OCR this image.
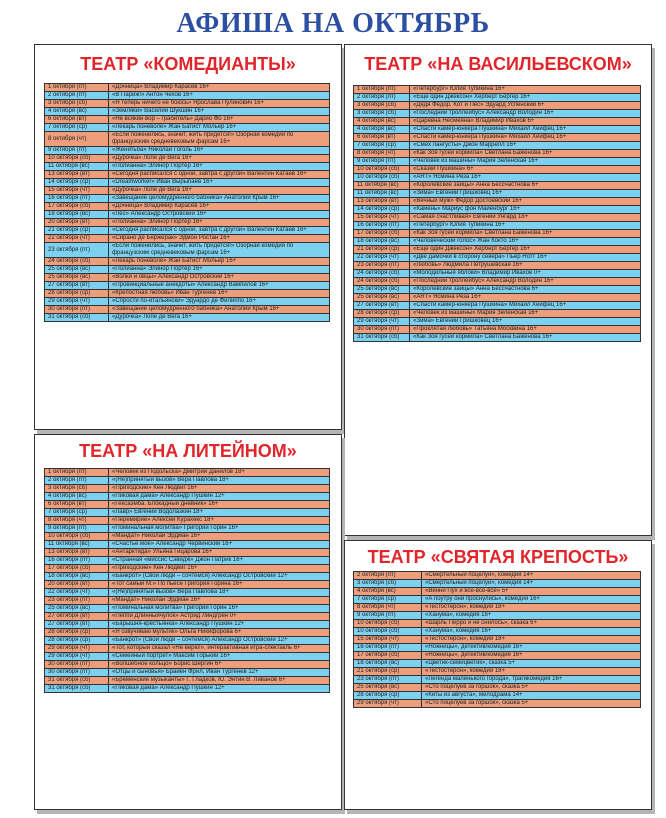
АФИША НА ОКТЯБРЬ
ТЕАТР «КОМЕДИАНТЫ»
1 октября (пт)	«Дочница» Владимир Карасёв 16+
2 октября (пт)	«В Париж!» Антон Чехов 16+
3 октября (сб)	«Я теперь ничего не боюсь» Ярослава Пулинович 16+
4 октября (вс)	«Земляки» Василий Шукшин 16+
6 октября (вт)	«Не всякий вор – грабитель» Дарио Фо 16+
7 октября (ср)	«Лекарь поневоле» Жан Батист Мольер 16+
8 октября (чт)	«Если поженились, значит, жить придется!» Озорная комедия по французским средневековым фарсам 16+
9 октября (пт)	«Женитьба» Николай Гоголь 16+
10 октября (сб)	«Дурочка» Лопе де Вега 16+
11 октября (вс)	«Полианна» Элинор Портер 16+
13 октября (вт)	«Сегодня расписался с одной, завтра с другой» Валентин Катаев 16+
14 октября (ср)	«Dreamworker» Иван Вырыпаев 16+
15 октября (чт)	«Дурочка» Лопе де Вега 16+
16 октября (пт)	«Завещание целомудренного бабника» Анатолий Крым 16+
17 октября (сб)	«Дочница» Владимир Карасёв 16+
18 октября (вс)	«Лес» Александр Островский 16+
20 октября (вт)	«Полианна» Элинор Портер 16+
21 октября (ср)	«Сегодня расписался с одной, завтра с другой» Валентин Катаев 16+
22 октября (чт)	«Сирано де Бержерак» Эдмон Ростан 16+
23 октября (пт)	«Если поженились, значит, жить придется!» Озорная комедия по французским средневековым фарсам 16+
24 октября (сб)	«Лекарь поневоле» Жан Батист Мольер 16+
25 октября (вс)	«Полианна» Элинор Портер 16+
25 октября (вс)	«Волки и овцы» Александр Островский 16+
27 октября (вт)	«Провинциальные анекдоты» Александр Вампилов 16+
28 октября (ср)	«Крепостная любовь» Иван Тургенев 16+
29 октября (чт)	«Спрости по-итальянски» Эдуардо де Филиппо 16+
30 октября (пт)	«Завещание целомудренного бабника» Анатолий Крым 16+
31 октября (сб)	«Дурочка» Лопе де Вега 16+
ТЕАТР «НА ВАСИЛЬЕВСКОМ»
1 октября (пт)	«Петербург» Юлия Тупикина 16+
2 октября (пт)	«Еще один Джексон» Херберт Бергер 16+
3 октября (сб)	«Дядя Федор, Кот и Пёс» Эдуард Успенский 6+
3 октября (сб)	«Последний троллейбус» Александр Володин 16+
4 октября (вс)	«Царевна Несмеяна» Владимир Ивахов 6+
4 октября (вс)	«Спасти камер-юнкера Пушкина» Михаил Хейфец 16+
6 октября (вт)	«Спасти камер-юнкера Пушкина» Михаил Хейфец 16+
7 октября (ср)	«Смех лангусты» Джон Маррелл 16+
8 октября (чт)	«Как Зоя гусей кормила» Светлана Баженова 16+
9 октября (пт)	«Человек из машины» Мария Зеленская 16+
10 октября (сб)	«Сказки Пушкина» 6+
10 октября (сб)	«АRТ» Ясмина Реза 16+
11 октября (вс)	«Королевские зайцы» Анна Бессчастнова 6+
11 октября (вс)	«Зима» Евгений Гришковец 16+
13 октября (вт)	«Вечный муж» Федор Достоевский 16+
14 октября (ср)	«Камень» Мариус фон Майенбург 16+
15 октября (чт)	«Самая счастливая» Евгений Унгард 18+
16 октября (пт)	«Петербург» Юлия Тупикина 16+
17 октября (сб)	«Как Зоя гусей кормила» Светлана Баженова 16+
18 октября (вс)	«Человеческий голос» Жан Кокто 16+
21 октября (ср)	«Еще один Джексон» Херберт Бергер 16+
22 октября (чт)	«Две дамочки в сторону севера» Пьер Нотт 16+
23 октября (пт)	«Любовь» Людмила Петрушевская 16+
24 октября (сб)	«Молодильные яблоки» Владимир Ивахов 0+
24 октября (сб)	«Последний троллейбус» Александр Володин 16+
25 октября (вс)	«Королевские зайцы» Анна Бессчастнова 6+
25 октября (вс)	«АRТ» Ясмина Реза 16+
27 октября (вт)	«Спасти камер-юнкера Пушкина» Михаил Хейфец 16+
28 октября (ср)	«Человек из машины» Мария Зеленская 16+
29 октября (чт)	«Зима» Евгений Гришковец 16+
30 октября (пт)	«Проклятая любовь» Татьяна Москвина 16+
31 октября (сб)	«Как Зоя гусей кормила» Светлана Баженова 16+
ТЕАТР «НА ЛИТЕЙНОМ»
1 октября (пт)	«Человек из Подольска» Дмитрий Данилов 18+
2 октября (пт)	«(Не)принятый вызов» Вера Павлова 18+
3 октября (сб)	«Приходские» Кен Людвиг 16+
4 октября (вс)	«Пиковая дама» Александр Пушкин 12+
6 октября (вт)	«Гексаэмба. Блокадный дневник» 16+
7 октября (ср)	«Лавр» Евгений Водолазкин 18+
8 октября (чт)	«Перемирие» Алексей Курахекс 18+
9 октября (пт)	«Поминальная молитва» Григорий Горин 16+
10 октября (сб)	«Мандат» Николай Эрдман 16+
11 октября (вс)	«Счастье мое» Александр Червинский 16+
13 октября (вт)	«Антарктида» Ульяна Гицарова 16+
16 октября (пт)	«Странная «миссис Сэвидж» Джон Патрик 16+
17 октября (сб)	«Приходские» Кен Людвиг 16+
18 октября (вс)	«Банкрот» (Свои люди – сочтемся) Александр Островский 12+
20 октября (вт)	«Тот самый М.» По пьесе Григория Горина 16+
22 октября (чт)	«(Не)принятый вызов» Вера Павлова 18+
23 октября (пт)	«Мандат» Николай Эрдман 16+
25 октября (вс)	«Поминальная молитва» Григорий Горин 16+
27 октября (вт)	«Пеппи Длинныйчулок» Астрид Линдгрен 0+
27 октября (вт)	«Барышня-крестьянка» Александр Пушкин 12+
28 октября (ср)	«Я озвучиваю мультик» Ольга Никифорова 6+
28 октября (ср)	«Банкрот» (Свои люди – сочтемся) Александр Островский 12+
29 октября (чт)	«Тот, который сказал «Не верю!», интерактивная игра-спектакль 6+
29 октября (чт)	«Семейный портрет» Максим Горький 16+
30 октября (пт)	«Волшебное кольцо» Борис Шергин 6+
30 октября (пт)	«Отцы и сыновья» Брайен Фрил, Иван Тургенев 12+
31 октября (сб)	«Бременские музыканты» Г. Гладков, Ю. Энтин В. Ливанов 6+
31 октября (сб)	«Пиковая дама» Александр Пушкин 12+
ТЕАТР «СВЯТАЯ КРЕПОСТЬ»
2 октября (пт)	«Смертельный поцелуй», комедия 14+
3 октября (сб)	«Смертельный поцелуй», комедия 14+
4 октября (вс)	«Винни Пух и все-все-все» 5+
7 октября (ср)	«А поутру они проснулись», комедия 16+
8 октября (чт)	«Тестостерон», комедия 18+
9 октября (пт)	«Ханума», комедия 16+
10 октября (сб)	«Шарль Перро и не снилось», сказка 6+
10 октября (сб)	«Ханума», комедия 16+
15 октября (чт)	«Тестостерон», комедия 18+
16 октября (пт)	«Ножницы», детектив/комедия 16+
17 октября (сб)	«Ножницы», детектив/комедия 16+
18 октября (вс)	«Цветик-семицветик», сказка 5+
21 октября (ср)	«Тестостерон», комедия 18+
23 октября (пт)	«Легенда маленького города», трагикомедия 16+
25 октября (вс)	«Сто поцелуев за горшок», сказка 5+
28 октября (ср)	«Киты из августа», мелодрама 14+
29 октября (чт)	«Сто поцелуев за горшок», сказка 5+
